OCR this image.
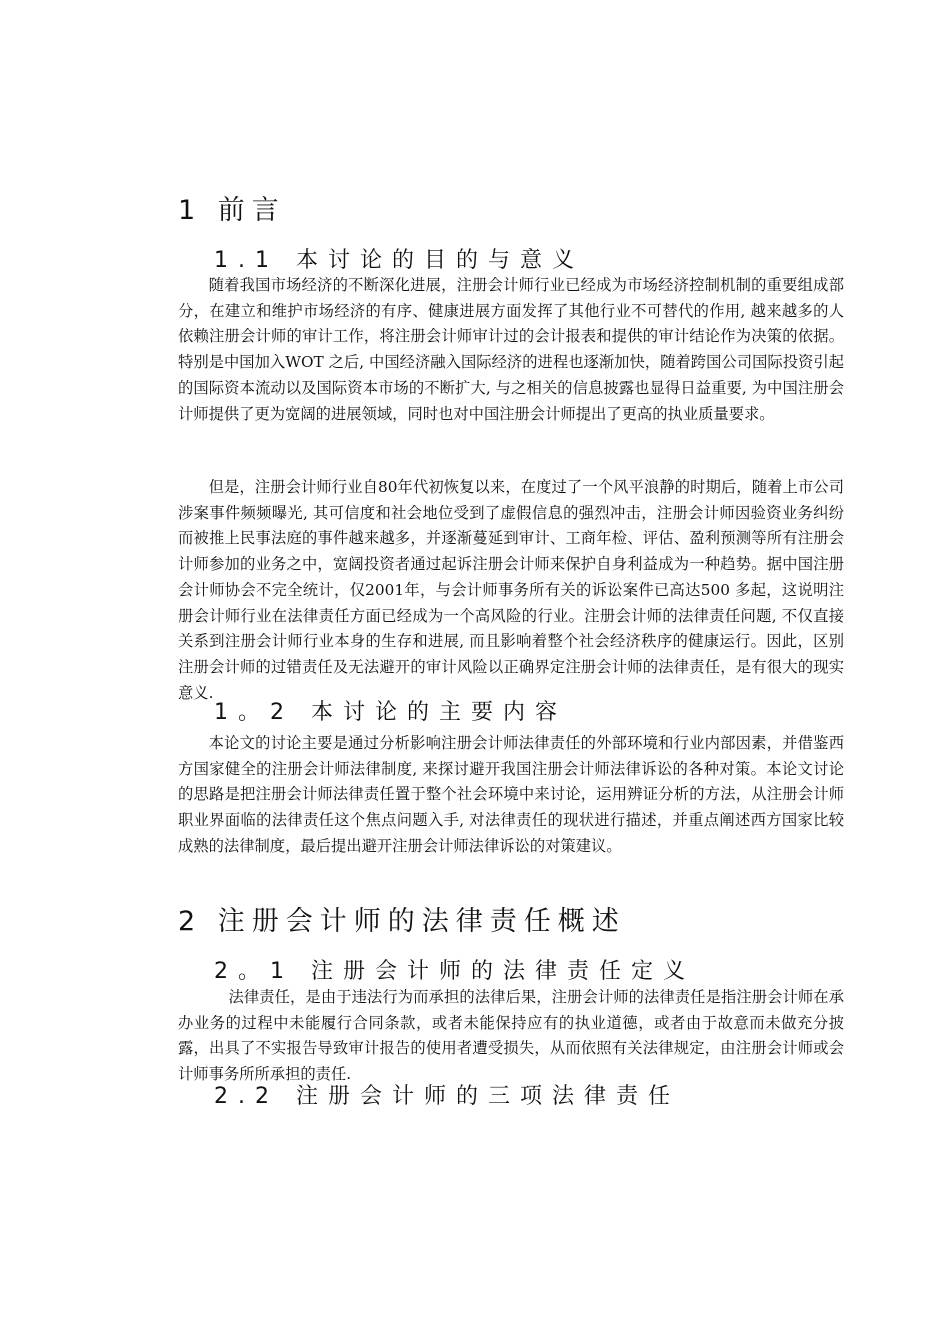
1 前言
1.1 本讨论的目的与意义

随着我国市场经济的不断深化进展，注册会计师行业已经成为市场经济控制机制的重要组成部分，在建立和维护市场经济的有序、健康进展方面发挥了其他行业不可替代的作用, 越来越多的人依赖注册会计师的审计工作，将注册会计师审计过的会计报表和提供的审计结论作为决策的依据。特别是中国加入WOT 之后, 中国经济融入国际经济的进程也逐渐加快，随着跨国公司国际投资引起的国际资本流动以及国际资本市场的不断扩大, 与之相关的信息披露也显得日益重要, 为中国注册会计师提供了更为宽阔的进展领域，同时也对中国注册会计师提出了更高的执业质量要求。

但是，注册会计师行业自80年代初恢复以来，在度过了一个风平浪静的时期后，随着上市公司涉案事件频频曝光, 其可信度和社会地位受到了虚假信息的强烈冲击，注册会计师因验资业务纠纷而被推上民事法庭的事件越来越多，并逐渐蔓延到审计、工商年检、评估、盈利预测等所有注册会计师参加的业务之中，宽阔投资者通过起诉注册会计师来保护自身利益成为一种趋势。据中国注册会计师协会不完全统计，仅2001年，与会计师事务所有关的诉讼案件已高达500 多起，这说明注册会计师行业在法律责任方面已经成为一个高风险的行业。注册会计师的法律责任问题, 不仅直接关系到注册会计师行业本身的生存和进展, 而且影响着整个社会经济秩序的健康运行。因此，区别注册会计师的过错责任及无法避开的审计风险以正确界定注册会计师的法律责任，是有很大的现实意义.

1。2 本讨论的主要内容

本论文的讨论主要是通过分析影响注册会计师法律责任的外部环境和行业内部因素，并借鉴西方国家健全的注册会计师法律制度, 来探讨避开我国注册会计师法律诉讼的各种对策。本论文讨论的思路是把注册会计师法律责任置于整个社会环境中来讨论，运用辨证分析的方法，从注册会计师职业界面临的法律责任这个焦点问题入手, 对法律责任的现状进行描述，并重点阐述西方国家比较成熟的法律制度，最后提出避开注册会计师法律诉讼的对策建议。

2 注册会计师的法律责任概述
2。1 注册会计师的法律责任定义

法律责任，是由于违法行为而承担的法律后果，注册会计师的法律责任是指注册会计师在承办业务的过程中未能履行合同条款，或者未能保持应有的执业道德，或者由于故意而未做充分披露，出具了不实报告导致审计报告的使用者遭受损失，从而依照有关法律规定，由注册会计师或会计师事务所所承担的责任.

2.2 注册会计师的三项法律责任
